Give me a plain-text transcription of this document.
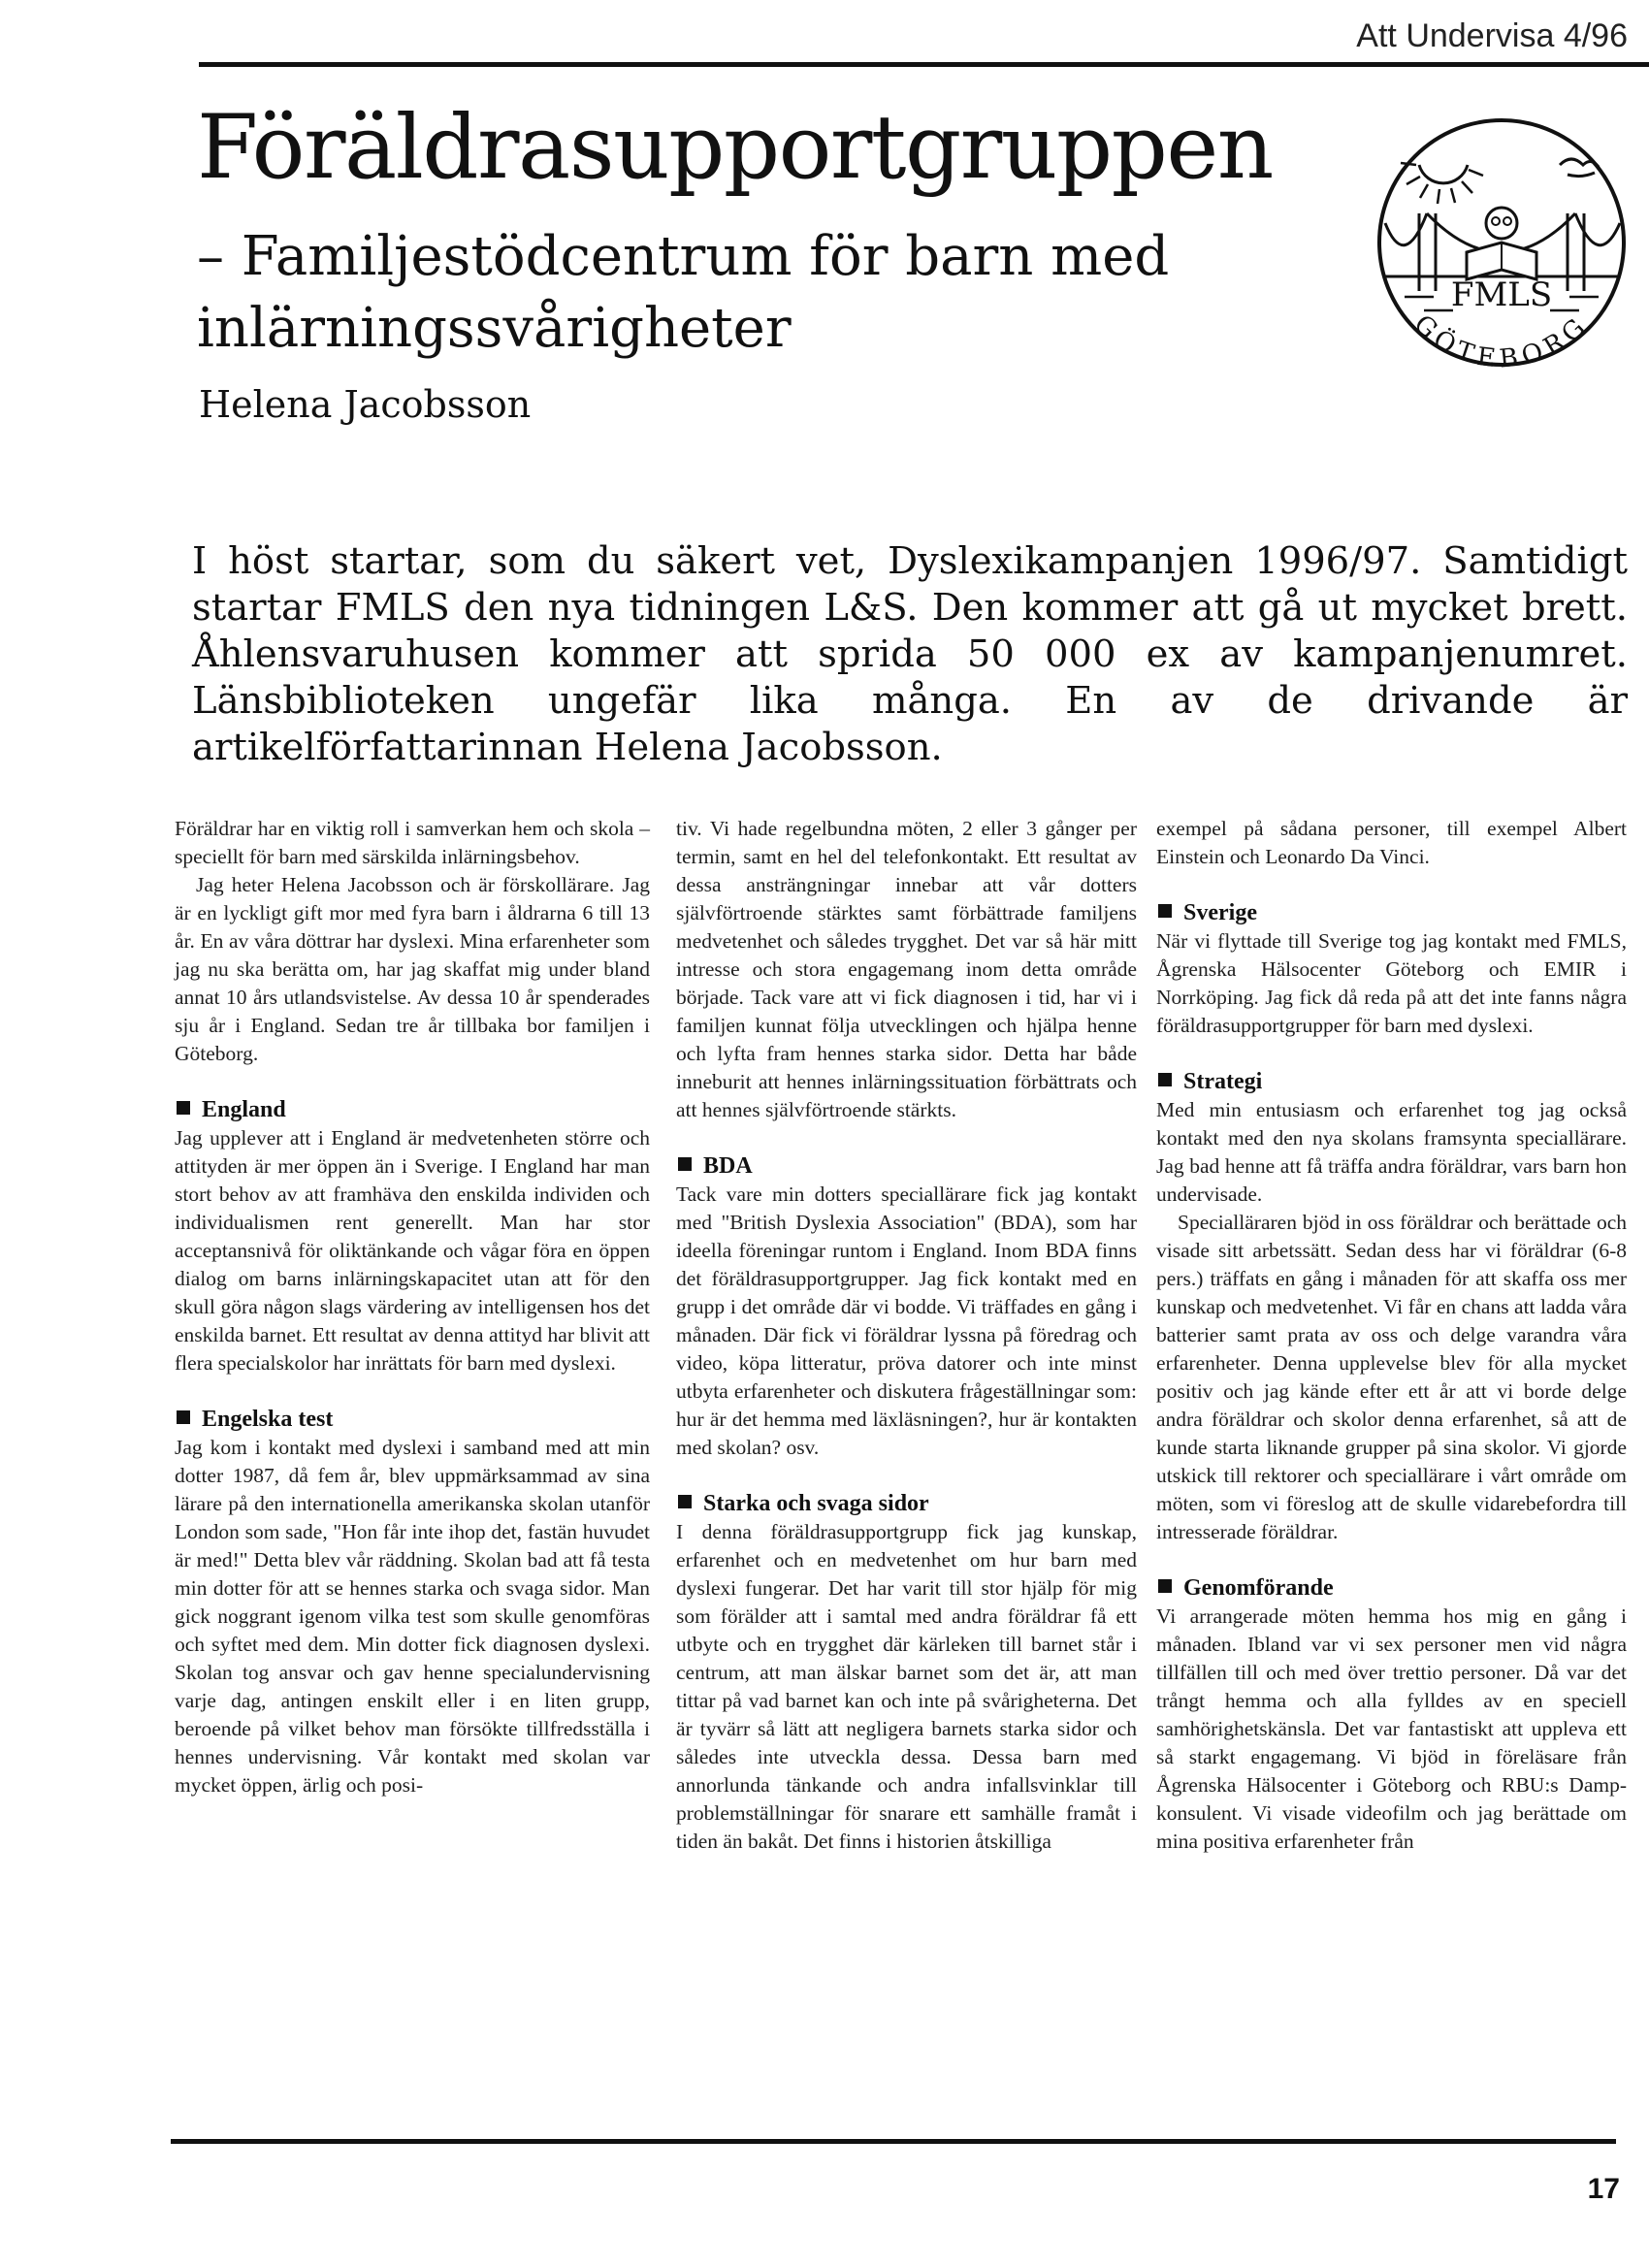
Att Undervisa 4/96
Föräldrasupportgruppen
– Familjestödcentrum för barn med inlärningssvårigheter
Helena Jacobsson
FMLS
GÖTEBORG

I höst startar, som du säkert vet, Dyslexikampanjen 1996/97. Samtidigt startar FMLS den nya tidningen L&S. Den kommer att gå ut mycket brett. Åhlensvaruhusen kommer att sprida 50 000 ex av kampanjenumret. Länsbiblioteken ungefär lika många. En av de drivande är artikelförfattarinnan Helena Jacobsson.

Föräldrar har en viktig roll i samverkan hem och skola – speciellt för barn med särskilda inlärningsbehov.

Jag heter Helena Jacobsson och är förskollärare. Jag är en lyckligt gift mor med fyra barn i åldrarna 6 till 13 år. En av våra döttrar har dyslexi. Mina erfarenheter som jag nu ska berätta om, har jag skaffat mig under bland annat 10 års utlandsvistelse. Av dessa 10 år spenderades sju år i England. Sedan tre år tillbaka bor familjen i Göteborg.

England

Jag upplever att i England är medvetenheten större och attityden är mer öppen än i Sverige. I England har man stort behov av att framhäva den enskilda individen och individualismen rent generellt. Man har stor acceptansnivå för oliktänkande och vågar föra en öppen dialog om barns inlärningskapacitet utan att för den skull göra någon slags värdering av intelligensen hos det enskilda barnet. Ett resultat av denna attityd har blivit att flera specialskolor har inrättats för barn med dyslexi.

Engelska test

Jag kom i kontakt med dyslexi i samband med att min dotter 1987, då fem år, blev uppmärksammad av sina lärare på den internationella amerikanska skolan utanför London som sade, "Hon får inte ihop det, fastän huvudet är med!" Detta blev vår räddning. Skolan bad att få testa min dotter för att se hennes starka och svaga sidor. Man gick noggrant igenom vilka test som skulle genomföras och syftet med dem. Min dotter fick diagnosen dyslexi. Skolan tog ansvar och gav henne specialundervisning varje dag, antingen enskilt eller i en liten grupp, beroende på vilket behov man försökte tillfredsställa i hennes undervisning. Vår kontakt med skolan var mycket öppen, ärlig och posi-

tiv. Vi hade regelbundna möten, 2 eller 3 gånger per termin, samt en hel del telefonkontakt. Ett resultat av dessa ansträngningar innebar att vår dotters självförtroende stärktes samt förbättrade familjens medvetenhet och således trygghet. Det var så här mitt intresse och stora engagemang inom detta område började. Tack vare att vi fick diagnosen i tid, har vi i familjen kunnat följa utvecklingen och hjälpa henne och lyfta fram hennes starka sidor. Detta har både inneburit att hennes inlärningssituation förbättrats och att hennes självförtroende stärkts.

BDA

Tack vare min dotters speciallärare fick jag kontakt med "British Dyslexia Association" (BDA), som har ideella föreningar runtom i England. Inom BDA finns det föräldrasupportgrupper. Jag fick kontakt med en grupp i det område där vi bodde. Vi träffades en gång i månaden. Där fick vi föräldrar lyssna på föredrag och video, köpa litteratur, pröva datorer och inte minst utbyta erfarenheter och diskutera frågeställningar som: hur är det hemma med läxläsningen?, hur är kontakten med skolan? osv.

Starka och svaga sidor

I denna föräldrasupportgrupp fick jag kunskap, erfarenhet och en medvetenhet om hur barn med dyslexi fungerar. Det har varit till stor hjälp för mig som förälder att i samtal med andra föräldrar få ett utbyte och en trygghet där kärleken till barnet står i centrum, att man älskar barnet som det är, att man tittar på vad barnet kan och inte på svårigheterna. Det är tyvärr så lätt att negligera barnets starka sidor och således inte utveckla dessa. Dessa barn med annorlunda tänkande och andra infallsvinklar till problemställningar för snarare ett samhälle framåt i tiden än bakåt. Det finns i historien åtskilliga

exempel på sådana personer, till exempel Albert Einstein och Leonardo Da Vinci.

Sverige

När vi flyttade till Sverige tog jag kontakt med FMLS, Ågrenska Hälsocenter Göteborg och EMIR i Norrköping. Jag fick då reda på att det inte fanns några föräldrasupportgrupper för barn med dyslexi.

Strategi

Med min entusiasm och erfarenhet tog jag också kontakt med den nya skolans framsynta speciallärare. Jag bad henne att få träffa andra föräldrar, vars barn hon undervisade.

Specialläraren bjöd in oss föräldrar och berättade och visade sitt arbetssätt. Sedan dess har vi föräldrar (6-8 pers.) träffats en gång i månaden för att skaffa oss mer kunskap och medvetenhet. Vi får en chans att ladda våra batterier samt prata av oss och delge varandra våra erfarenheter. Denna upplevelse blev för alla mycket positiv och jag kände efter ett år att vi borde delge andra föräldrar och skolor denna erfarenhet, så att de kunde starta liknande grupper på sina skolor. Vi gjorde utskick till rektorer och speciallärare i vårt område om möten, som vi föreslog att de skulle vidarebefordra till intresserade föräldrar.

Genomförande

Vi arrangerade möten hemma hos mig en gång i månaden. Ibland var vi sex personer men vid några tillfällen till och med över trettio personer. Då var det trångt hemma och alla fylldes av en speciell samhörighetskänsla. Det var fantastiskt att uppleva ett så starkt engagemang. Vi bjöd in föreläsare från Ågrenska Hälsocenter i Göteborg och RBU:s Damp-konsulent. Vi visade videofilm och jag berättade om mina positiva erfarenheter från

17
